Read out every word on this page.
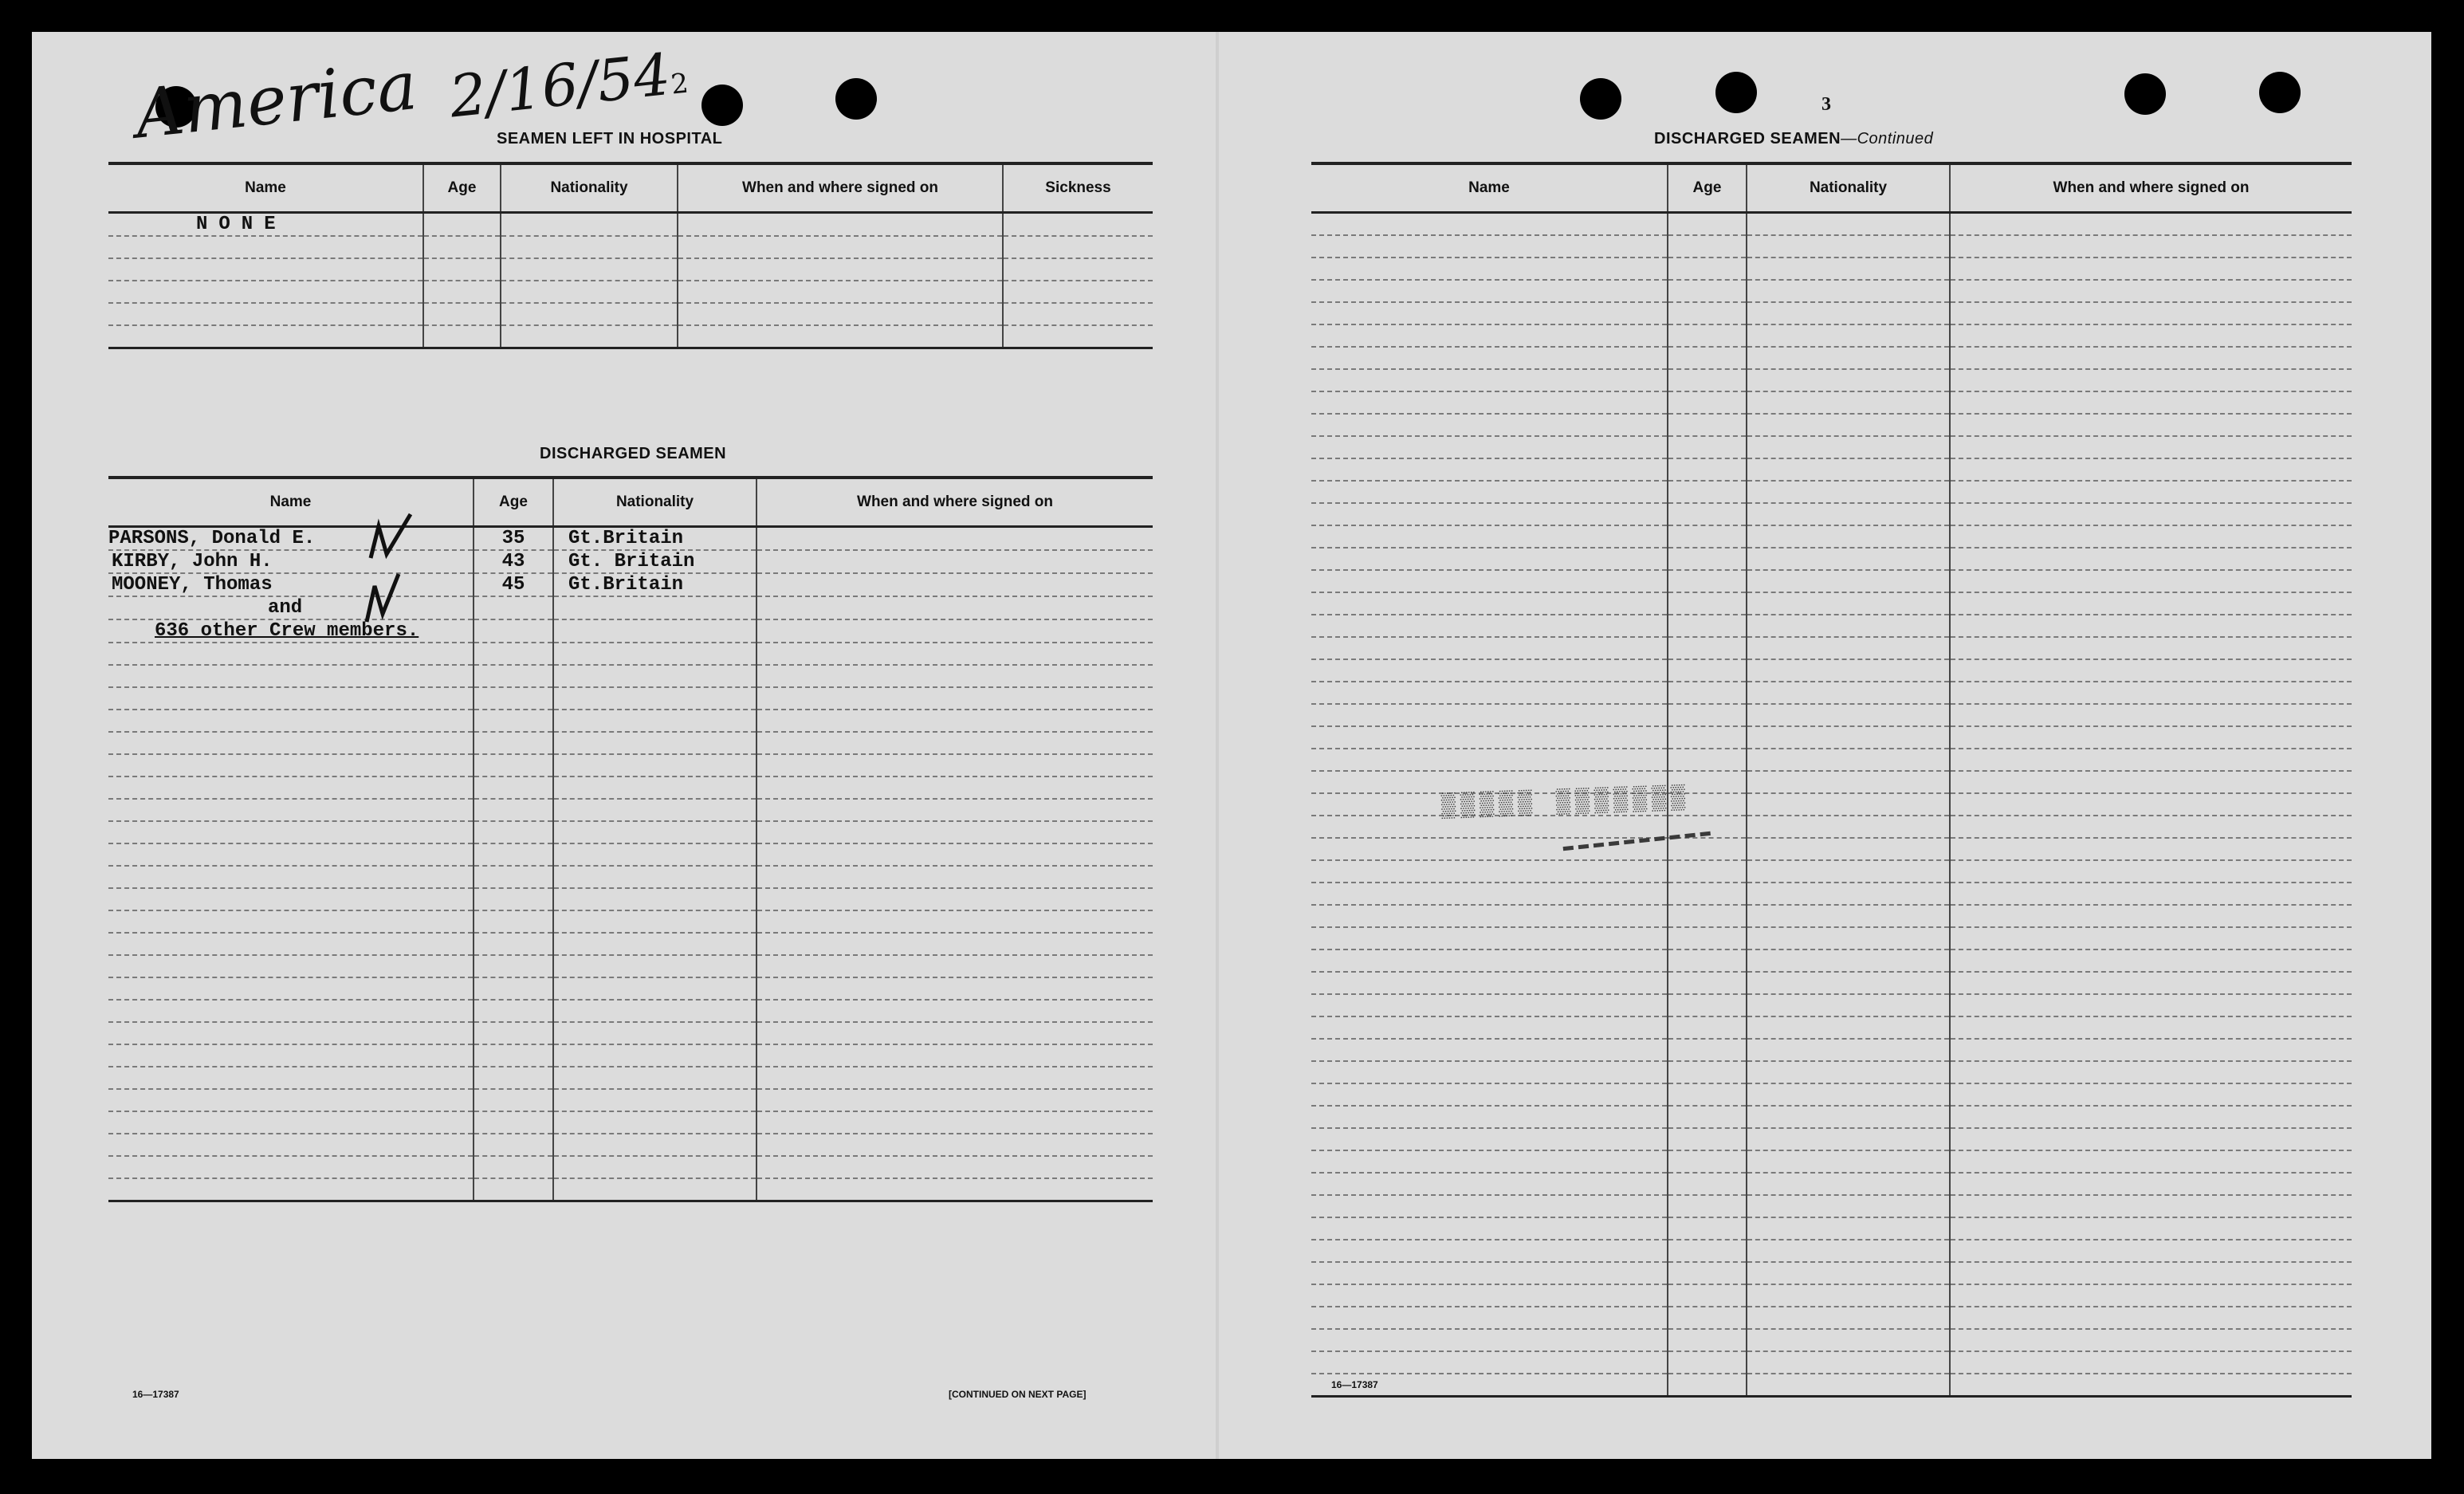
America 2/16/542
3
SEAMEN LEFT IN HOSPITAL
Name	Age	Nationality	When and where signed on	Sickness
NONE				

DISCHARGED SEAMEN
Name	Age	Nationality	When and where signed on
PARSONS, Donald E.	35	Gt.Britain	
KIRBY, John H.	43	Gt. Britain	
MOONEY, Thomas	45	Gt.Britain	
and			
636 other Crew members.			

16—17387	[CONTINUED ON NEXT PAGE]
DISCHARGED SEAMEN—Continued
Name	Age	Nationality	When and where signed on

▒▒▒▒▒ ▒▒▒▒▒▒▒
▬▬▬▬▬▬▬▬▬▬
16—17387
